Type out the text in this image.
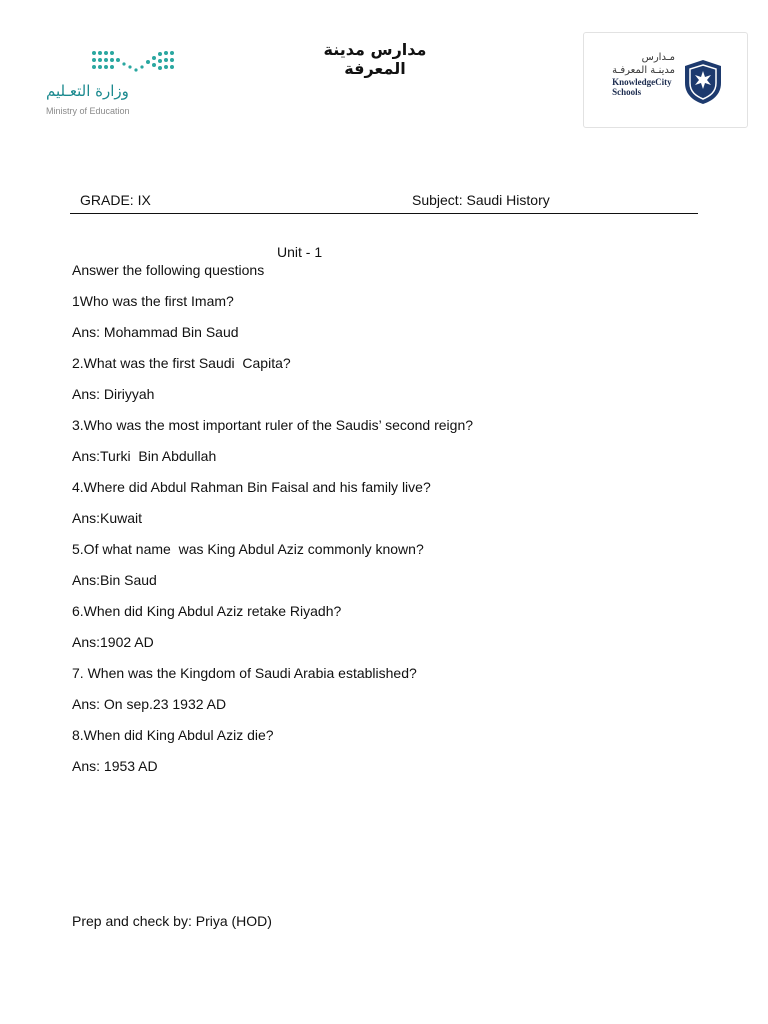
وزارة التعـليم
Ministry of Education
مدارس مدينة المعرفة
مـدارس
مدينـة المعرفـة
KnowledgeCity
Schools
GRADE: IX	Subject: Saudi History
Unit - 1
Answer the following questions
1Who was the first Imam?
Ans: Mohammad Bin Saud
2.What was the first Saudi  Capita?
Ans: Diriyyah
3.Who was the most important ruler of the Saudis’ second reign?
Ans:Turki  Bin Abdullah
4.Where did Abdul Rahman Bin Faisal and his family live?
Ans:Kuwait
5.Of what name  was King Abdul Aziz commonly known?
Ans:Bin Saud
6.When did King Abdul Aziz retake Riyadh?
Ans:1902 AD
7. When was the Kingdom of Saudi Arabia established?
Ans: On sep.23 1932 AD
8.When did King Abdul Aziz die?
Ans: 1953 AD
Prep and check by: Priya (HOD)
